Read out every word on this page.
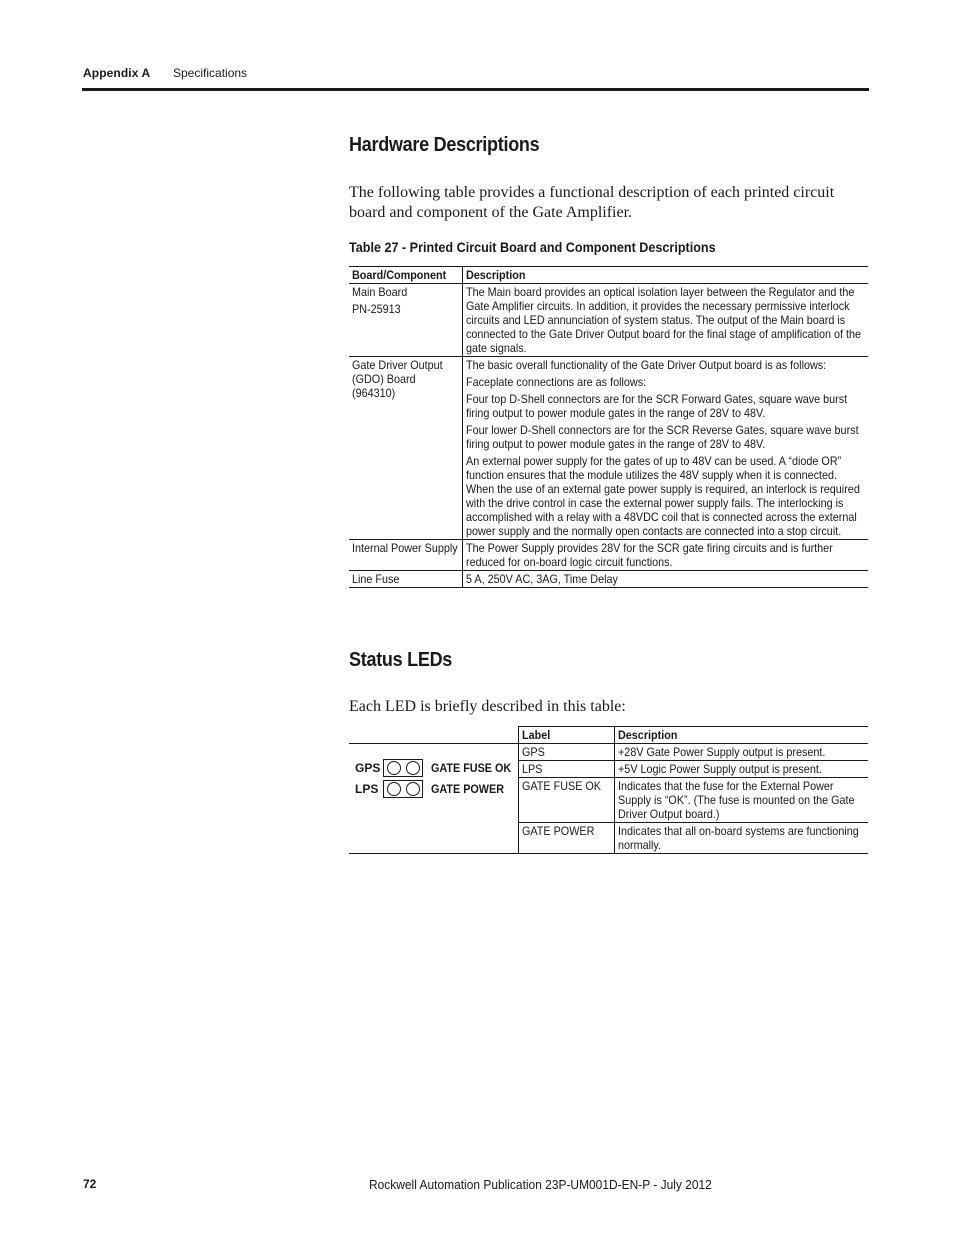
Appendix A Specifications
Hardware Descriptions
The following table provides a functional description of each printed circuit board and component of the Gate Amplifier.
Table 27 - Printed Circuit Board and Component Descriptions
Board/Component	Description

Main Board
PN-25913	The Main board provides an optical isolation layer between the Regulator and the Gate Amplifier circuits. In addition, it provides the necessary permissive interlock circuits and LED annunciation of system status. The output of the Main board is connected to the Gate Driver Output board for the final stage of amplification of the gate signals.

Gate Driver Output (GDO) Board (964310)	The basic overall functionality of the Gate Driver Output board is as follows:
Faceplate connections are as follows:
Four top D-Shell connectors are for the SCR Forward Gates, square wave burst firing output to power module gates in the range of 28V to 48V.
Four lower D-Shell connectors are for the SCR Reverse Gates, square wave burst firing output to power module gates in the range of 28V to 48V.
An external power supply for the gates of up to 48V can be used. A “diode OR” function ensures that the module utilizes the 48V supply when it is connected. When the use of an external gate power supply is required, an interlock is required with the drive control in case the external power supply fails. The interlocking is accomplished with a relay with a 48VDC coil that is connected across the external power supply and the normally open contacts are connected into a stop circuit.

Internal Power Supply	The Power Supply provides 28V for the SCR gate firing circuits and is further reduced for on-board logic circuit functions.

Line Fuse	5 A, 250V AC, 3AG, Time Delay
Status LEDs
Each LED is briefly described in this table:

	Label	Description

GPS GATE FUSE OK
LPS GATE POWER	GPS	+28V Gate Power Supply output is present.

	LPS	+5V Logic Power Supply output is present.

	GATE FUSE OK	Indicates that the fuse for the External Power Supply is “OK”. (The fuse is mounted on the Gate Driver Output board.)

	GATE POWER	Indicates that all on-board systems are functioning normally.
72	Rockwell Automation Publication 23P-UM001D-EN-P - July 2012
